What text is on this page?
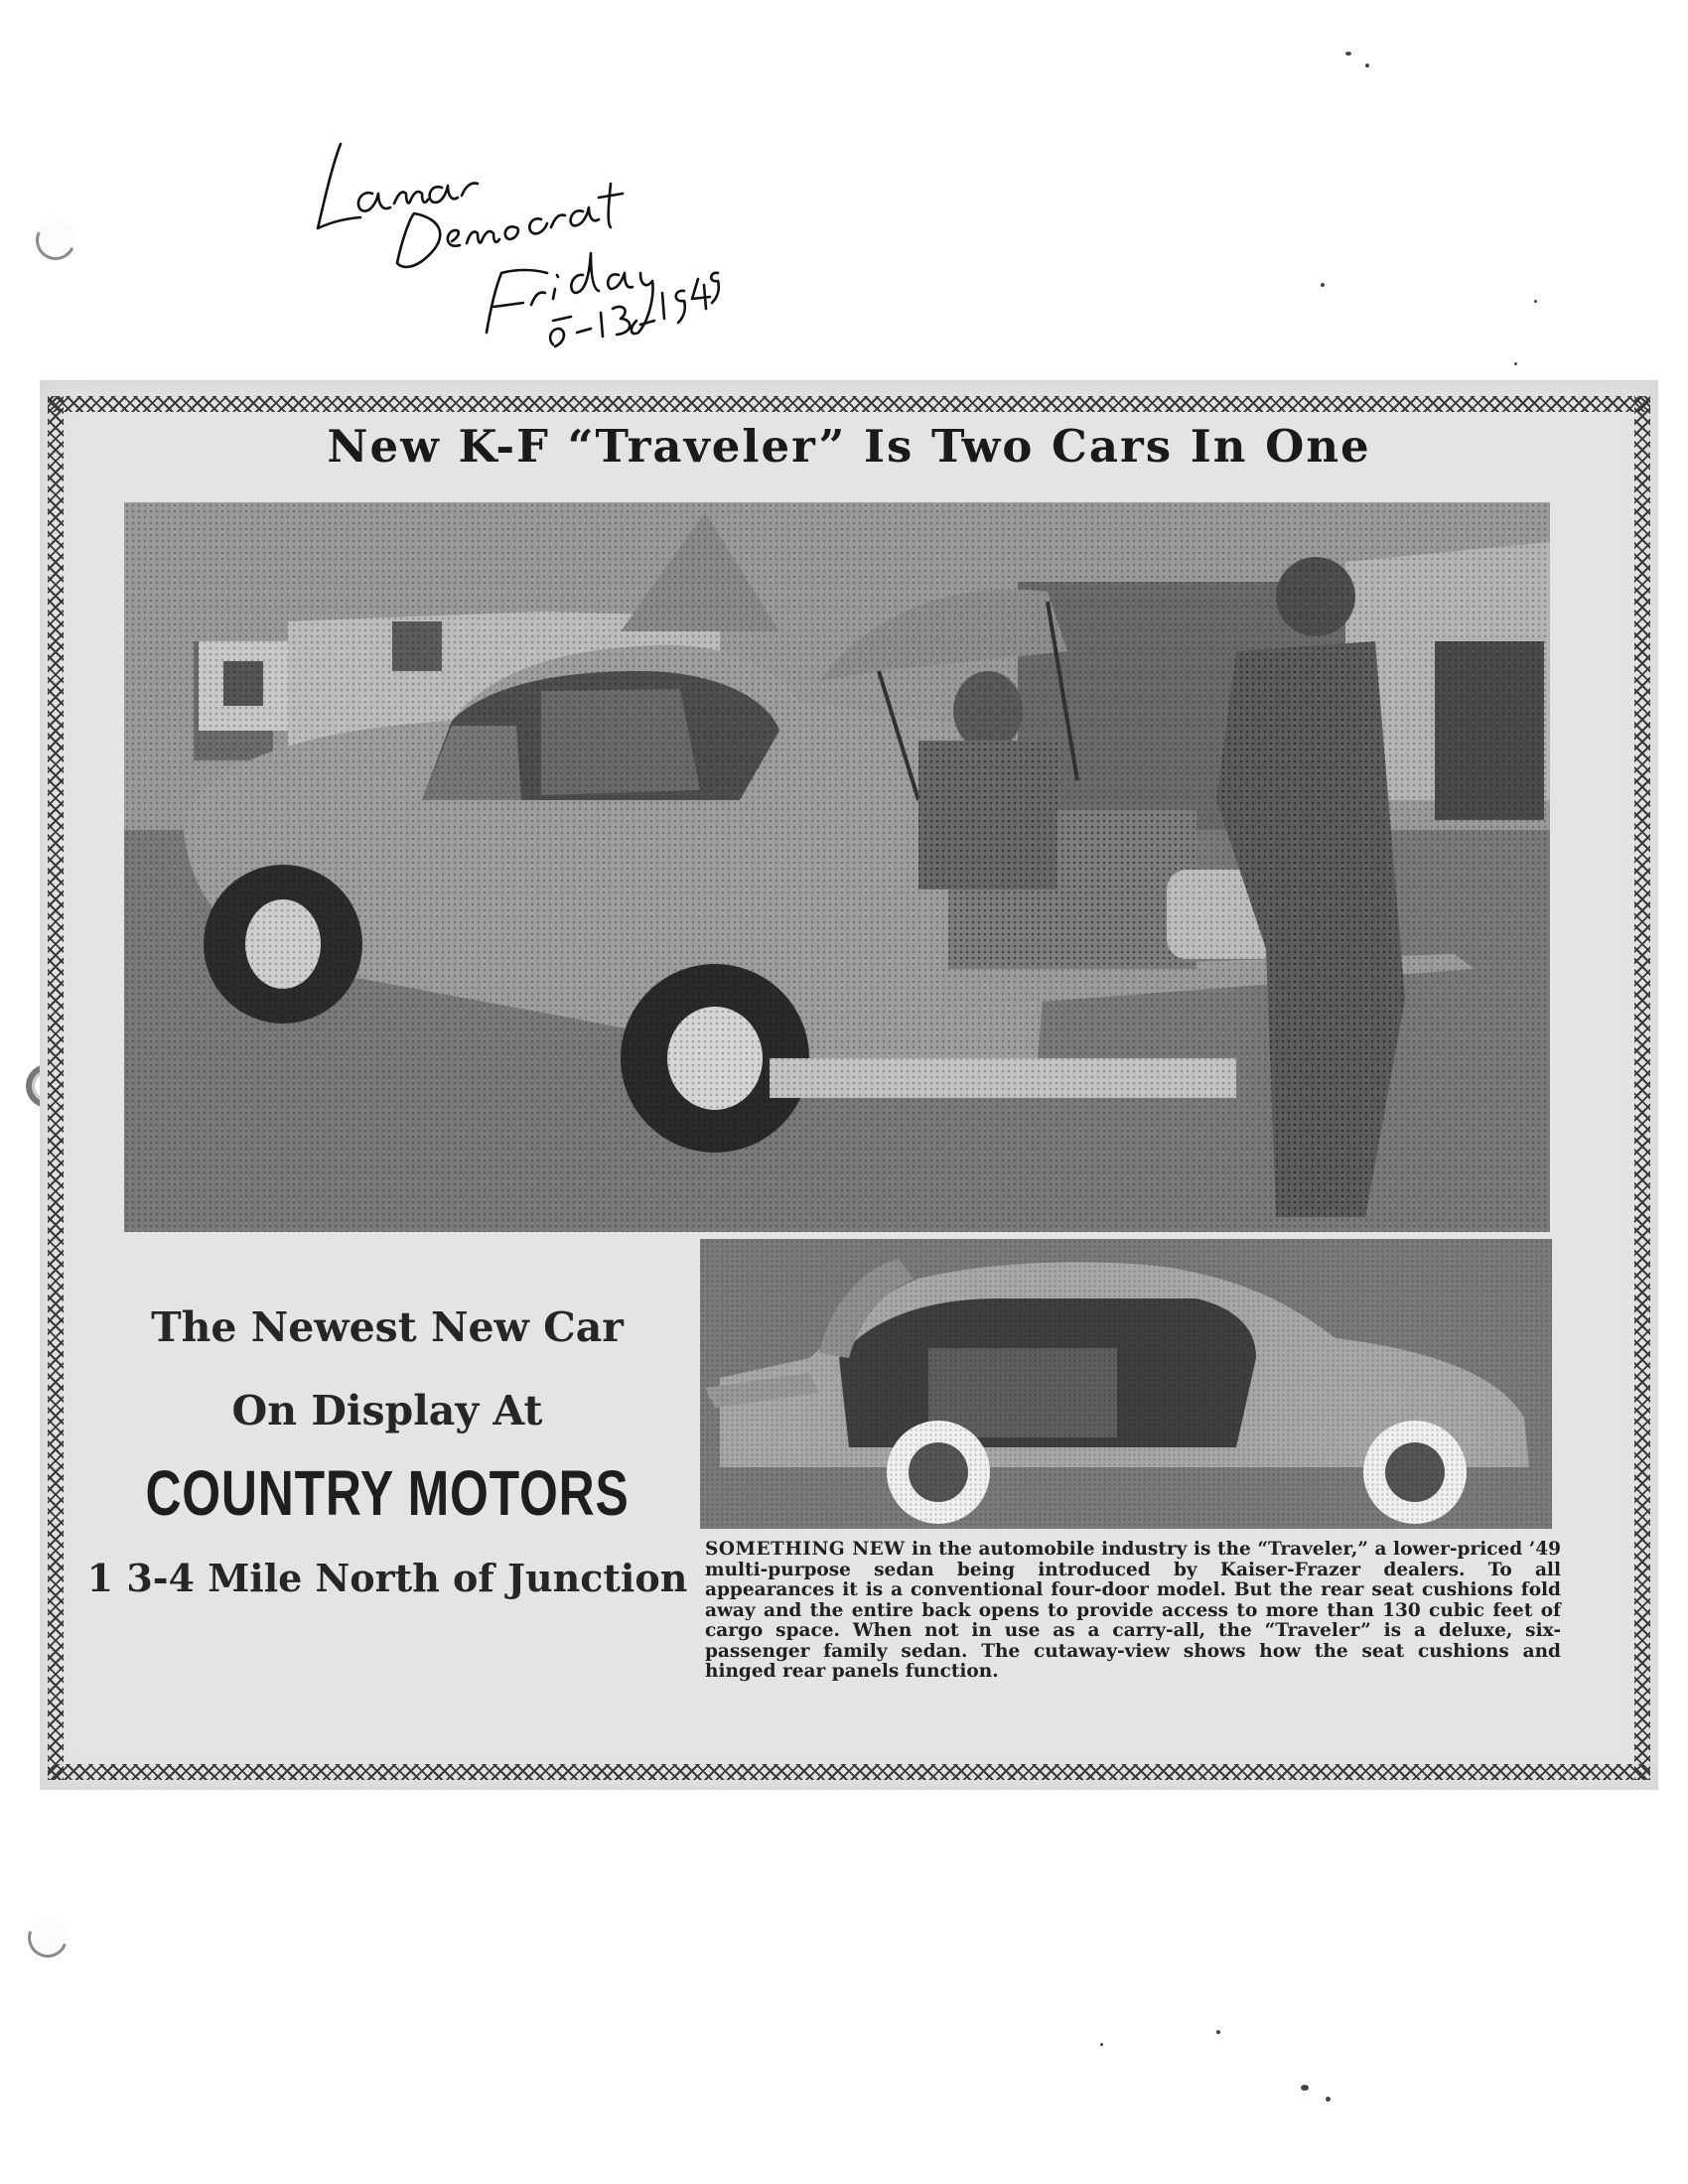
New K-F “Traveler” Is Two Cars In One

The Newest New Car

On Display At

COUNTRY MOTORS

1 3-4 Mile North of Junction

SOMETHING NEW in the automobile industry is the “Traveler,” a lower-priced ’49 multi-purpose sedan being introduced by Kaiser-Frazer dealers. To all appearances it is a conventional four-door model. But the rear seat cushions fold away and the entire back opens to provide access to more than 130 cubic feet of cargo space. When not in use as a carry-all, the “Traveler” is a deluxe, six-passenger family sedan. The cutaway-view shows how the seat cushions and hinged rear panels function.
